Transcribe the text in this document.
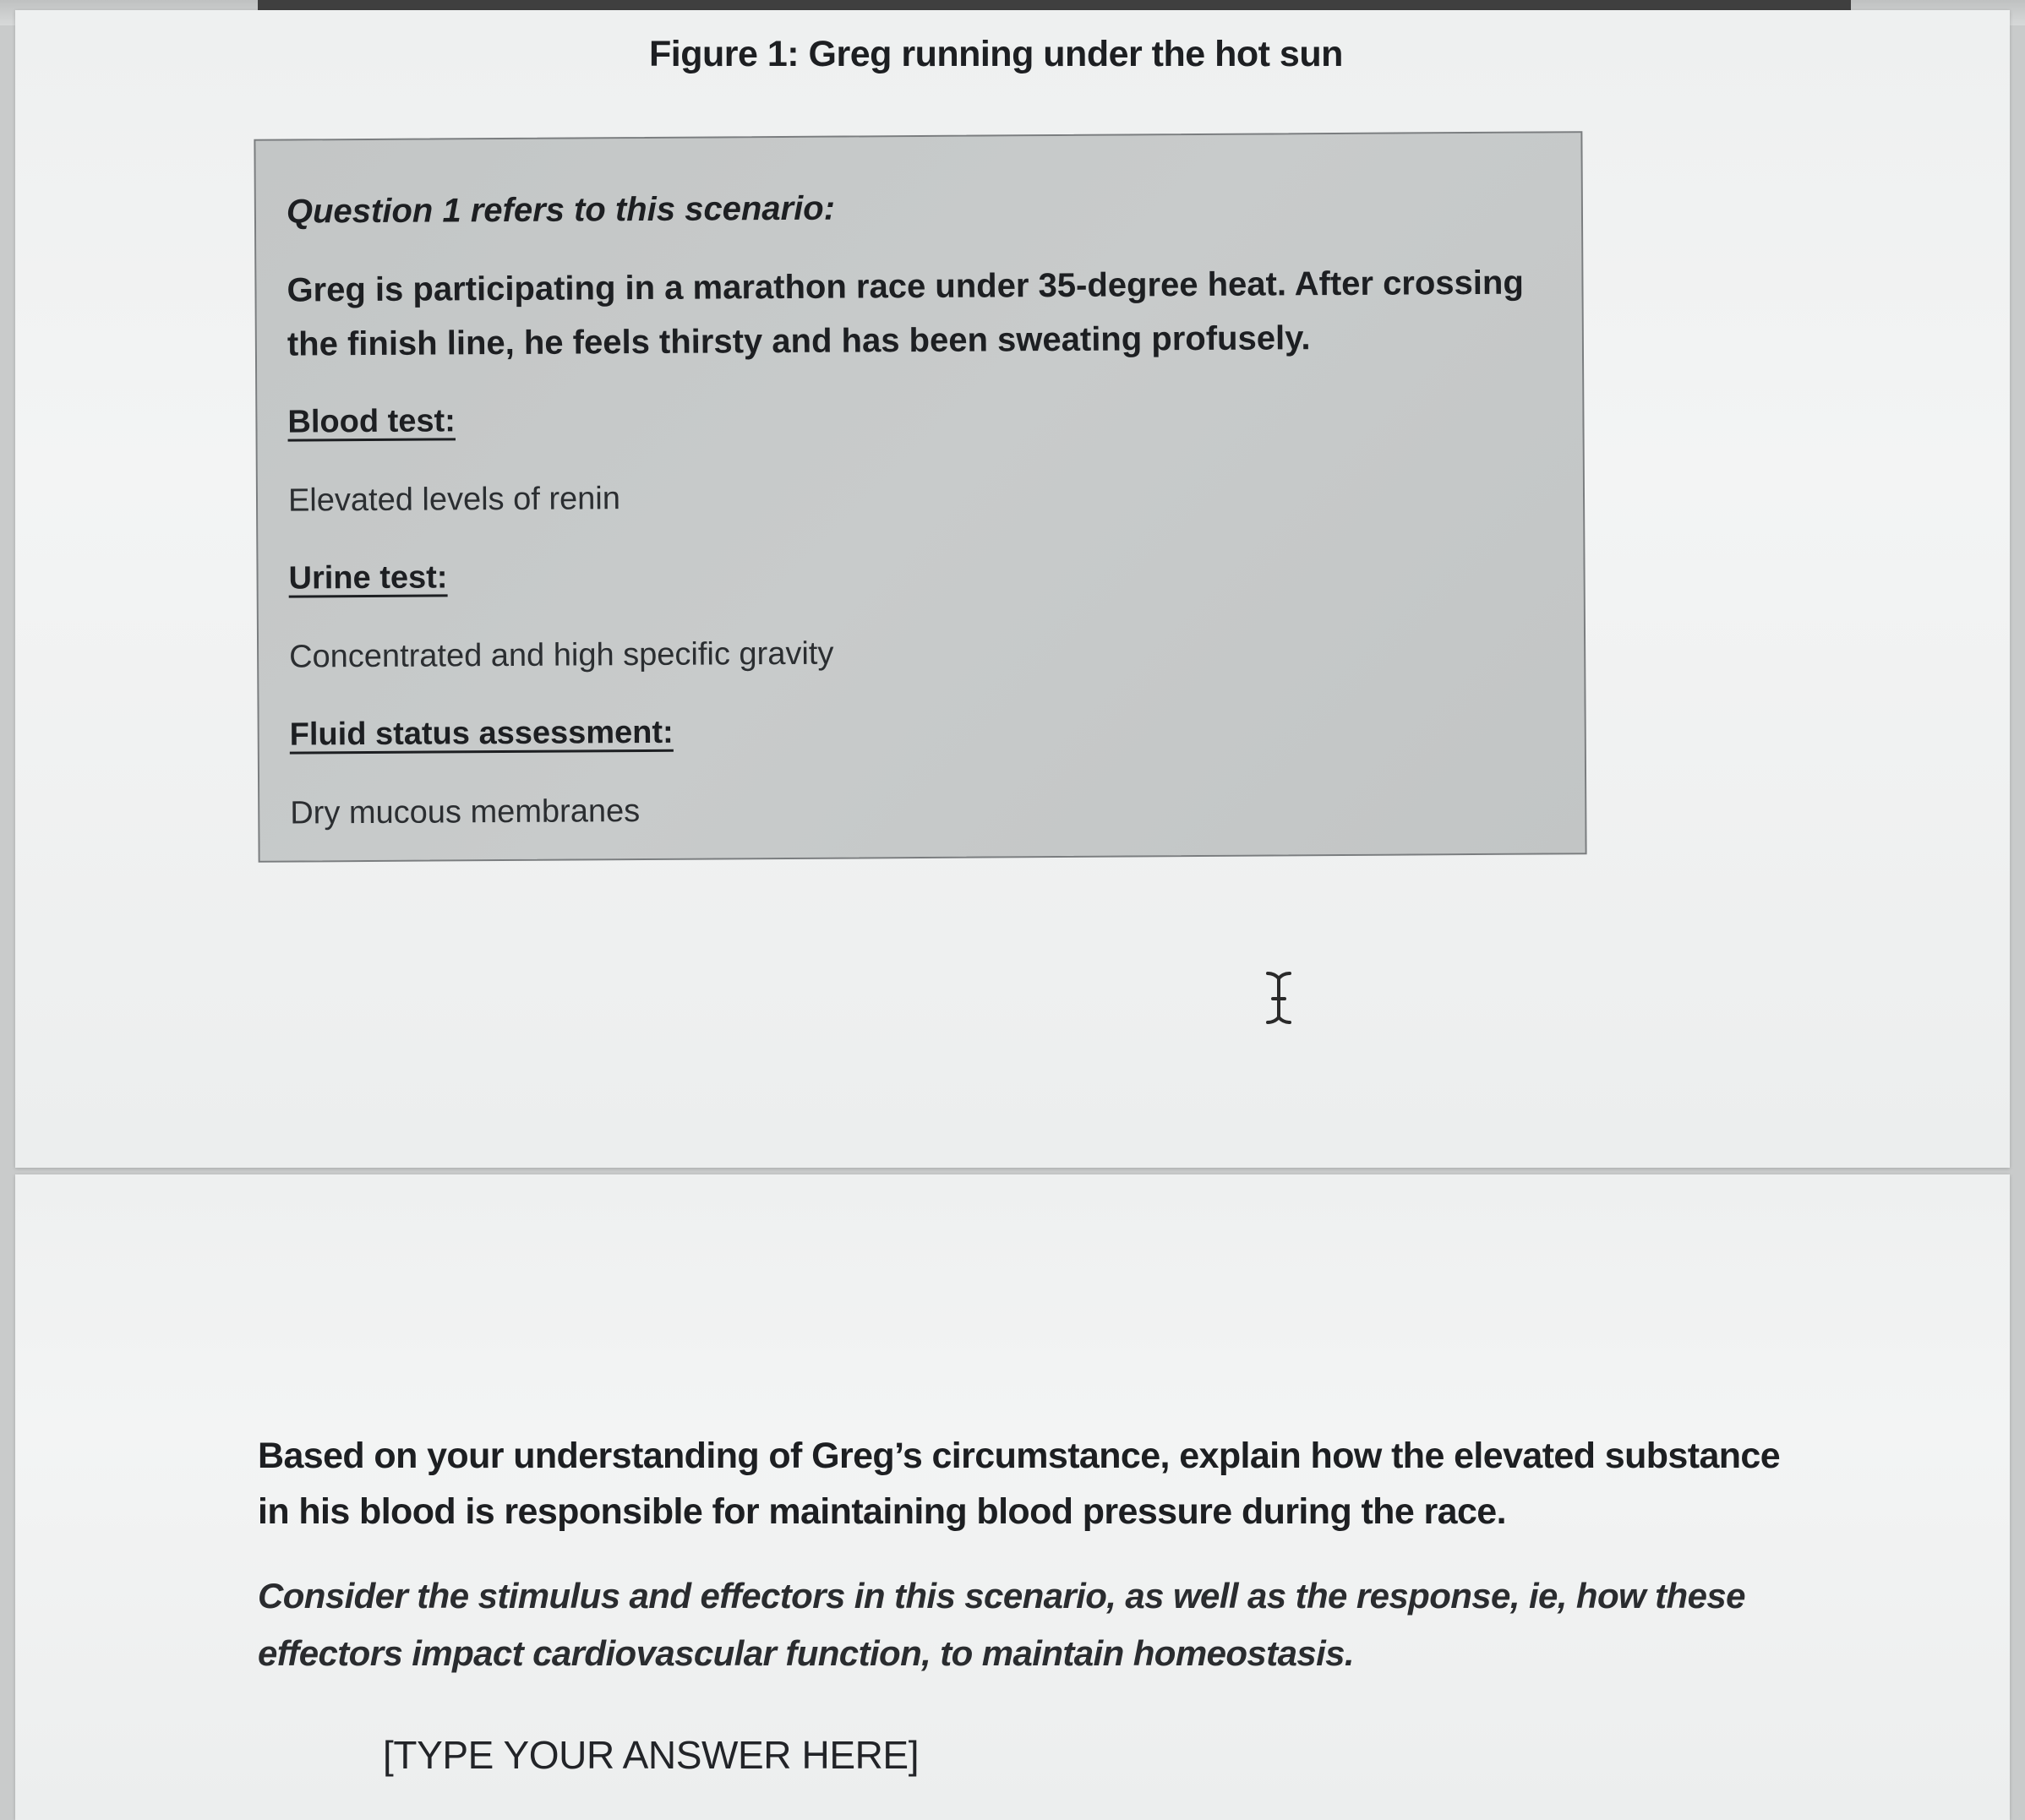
Figure 1: Greg running under the hot sun
Question 1 refers to this scenario:
Greg is participating in a marathon race under 35-degree heat. After crossing the finish line, he feels thirsty and has been sweating profusely.
Blood test:
Elevated levels of renin
Urine test:
Concentrated and high specific gravity
Fluid status assessment:
Dry mucous membranes
Based on your understanding of Greg’s circumstance, explain how the elevated substance in his blood is responsible for maintaining blood pressure during the race.
Consider the stimulus and effectors in this scenario, as well as the response, ie, how these effectors impact cardiovascular function, to maintain homeostasis.
[TYPE YOUR ANSWER HERE]
